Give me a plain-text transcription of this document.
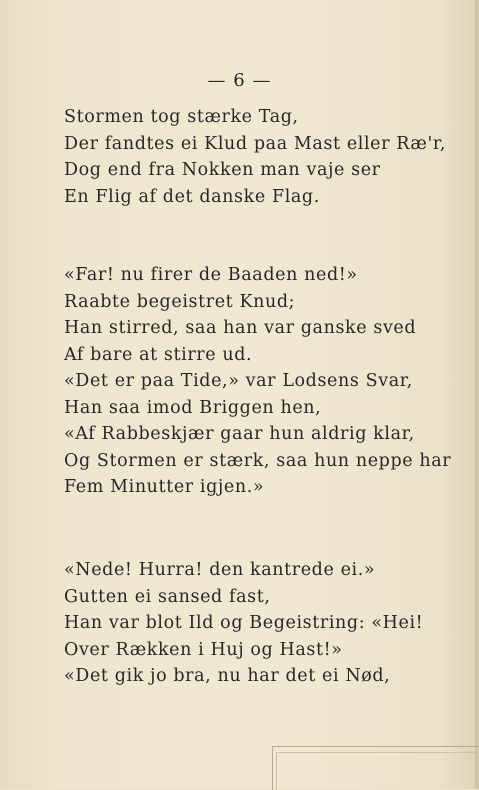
— 6 —
Stormen tog stærke Tag,
Der fandtes ei Klud paa Mast eller Ræ'r,
Dog end fra Nokken man vaje ser
En Flig af det danske Flag.
«Far! nu firer de Baaden ned!»
Raabte begeistret Knud;
Han stirred, saa han var ganske sved
Af bare at stirre ud.
«Det er paa Tide,» var Lodsens Svar,
Han saa imod Briggen hen,
«Af Rabbeskjær gaar hun aldrig klar,
Og Stormen er stærk, saa hun neppe har
Fem Minutter igjen.»
«Nede! Hurra! den kantrede ei.»
Gutten ei sansed fast,
Han var blot Ild og Begeistring: «Hei!
Over Rækken i Huj og Hast!»
«Det gik jo bra, nu har det ei Nød,
